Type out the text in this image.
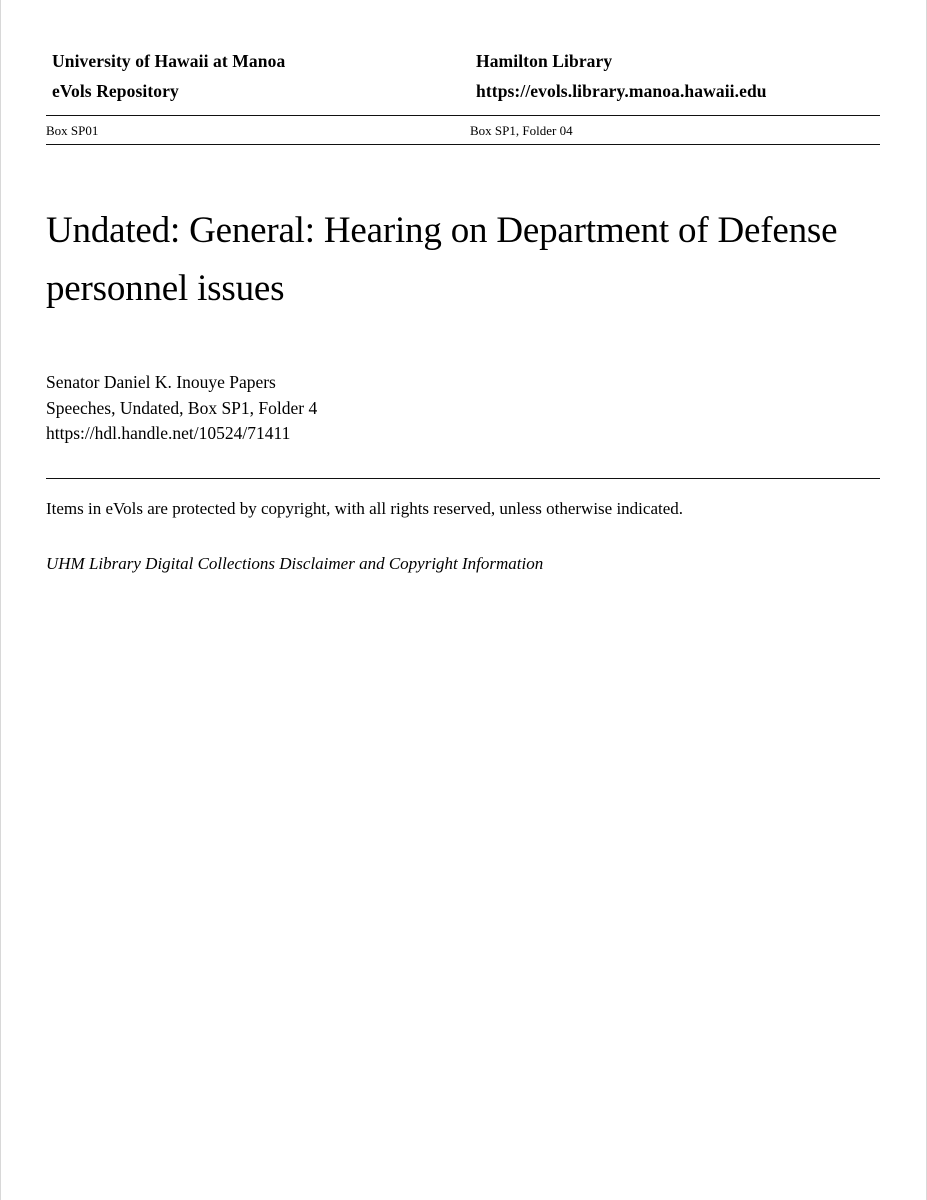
University of Hawaii at Manoa	Hamilton Library
eVols Repository	https://evols.library.manoa.hawaii.edu
Box SP01	Box SP1, Folder 04
Undated: General: Hearing on Department of Defense personnel issues
Senator Daniel K. Inouye Papers
Speeches, Undated, Box SP1, Folder 4
https://hdl.handle.net/10524/71411
Items in eVols are protected by copyright, with all rights reserved, unless otherwise indicated.
UHM Library Digital Collections Disclaimer and Copyright Information
